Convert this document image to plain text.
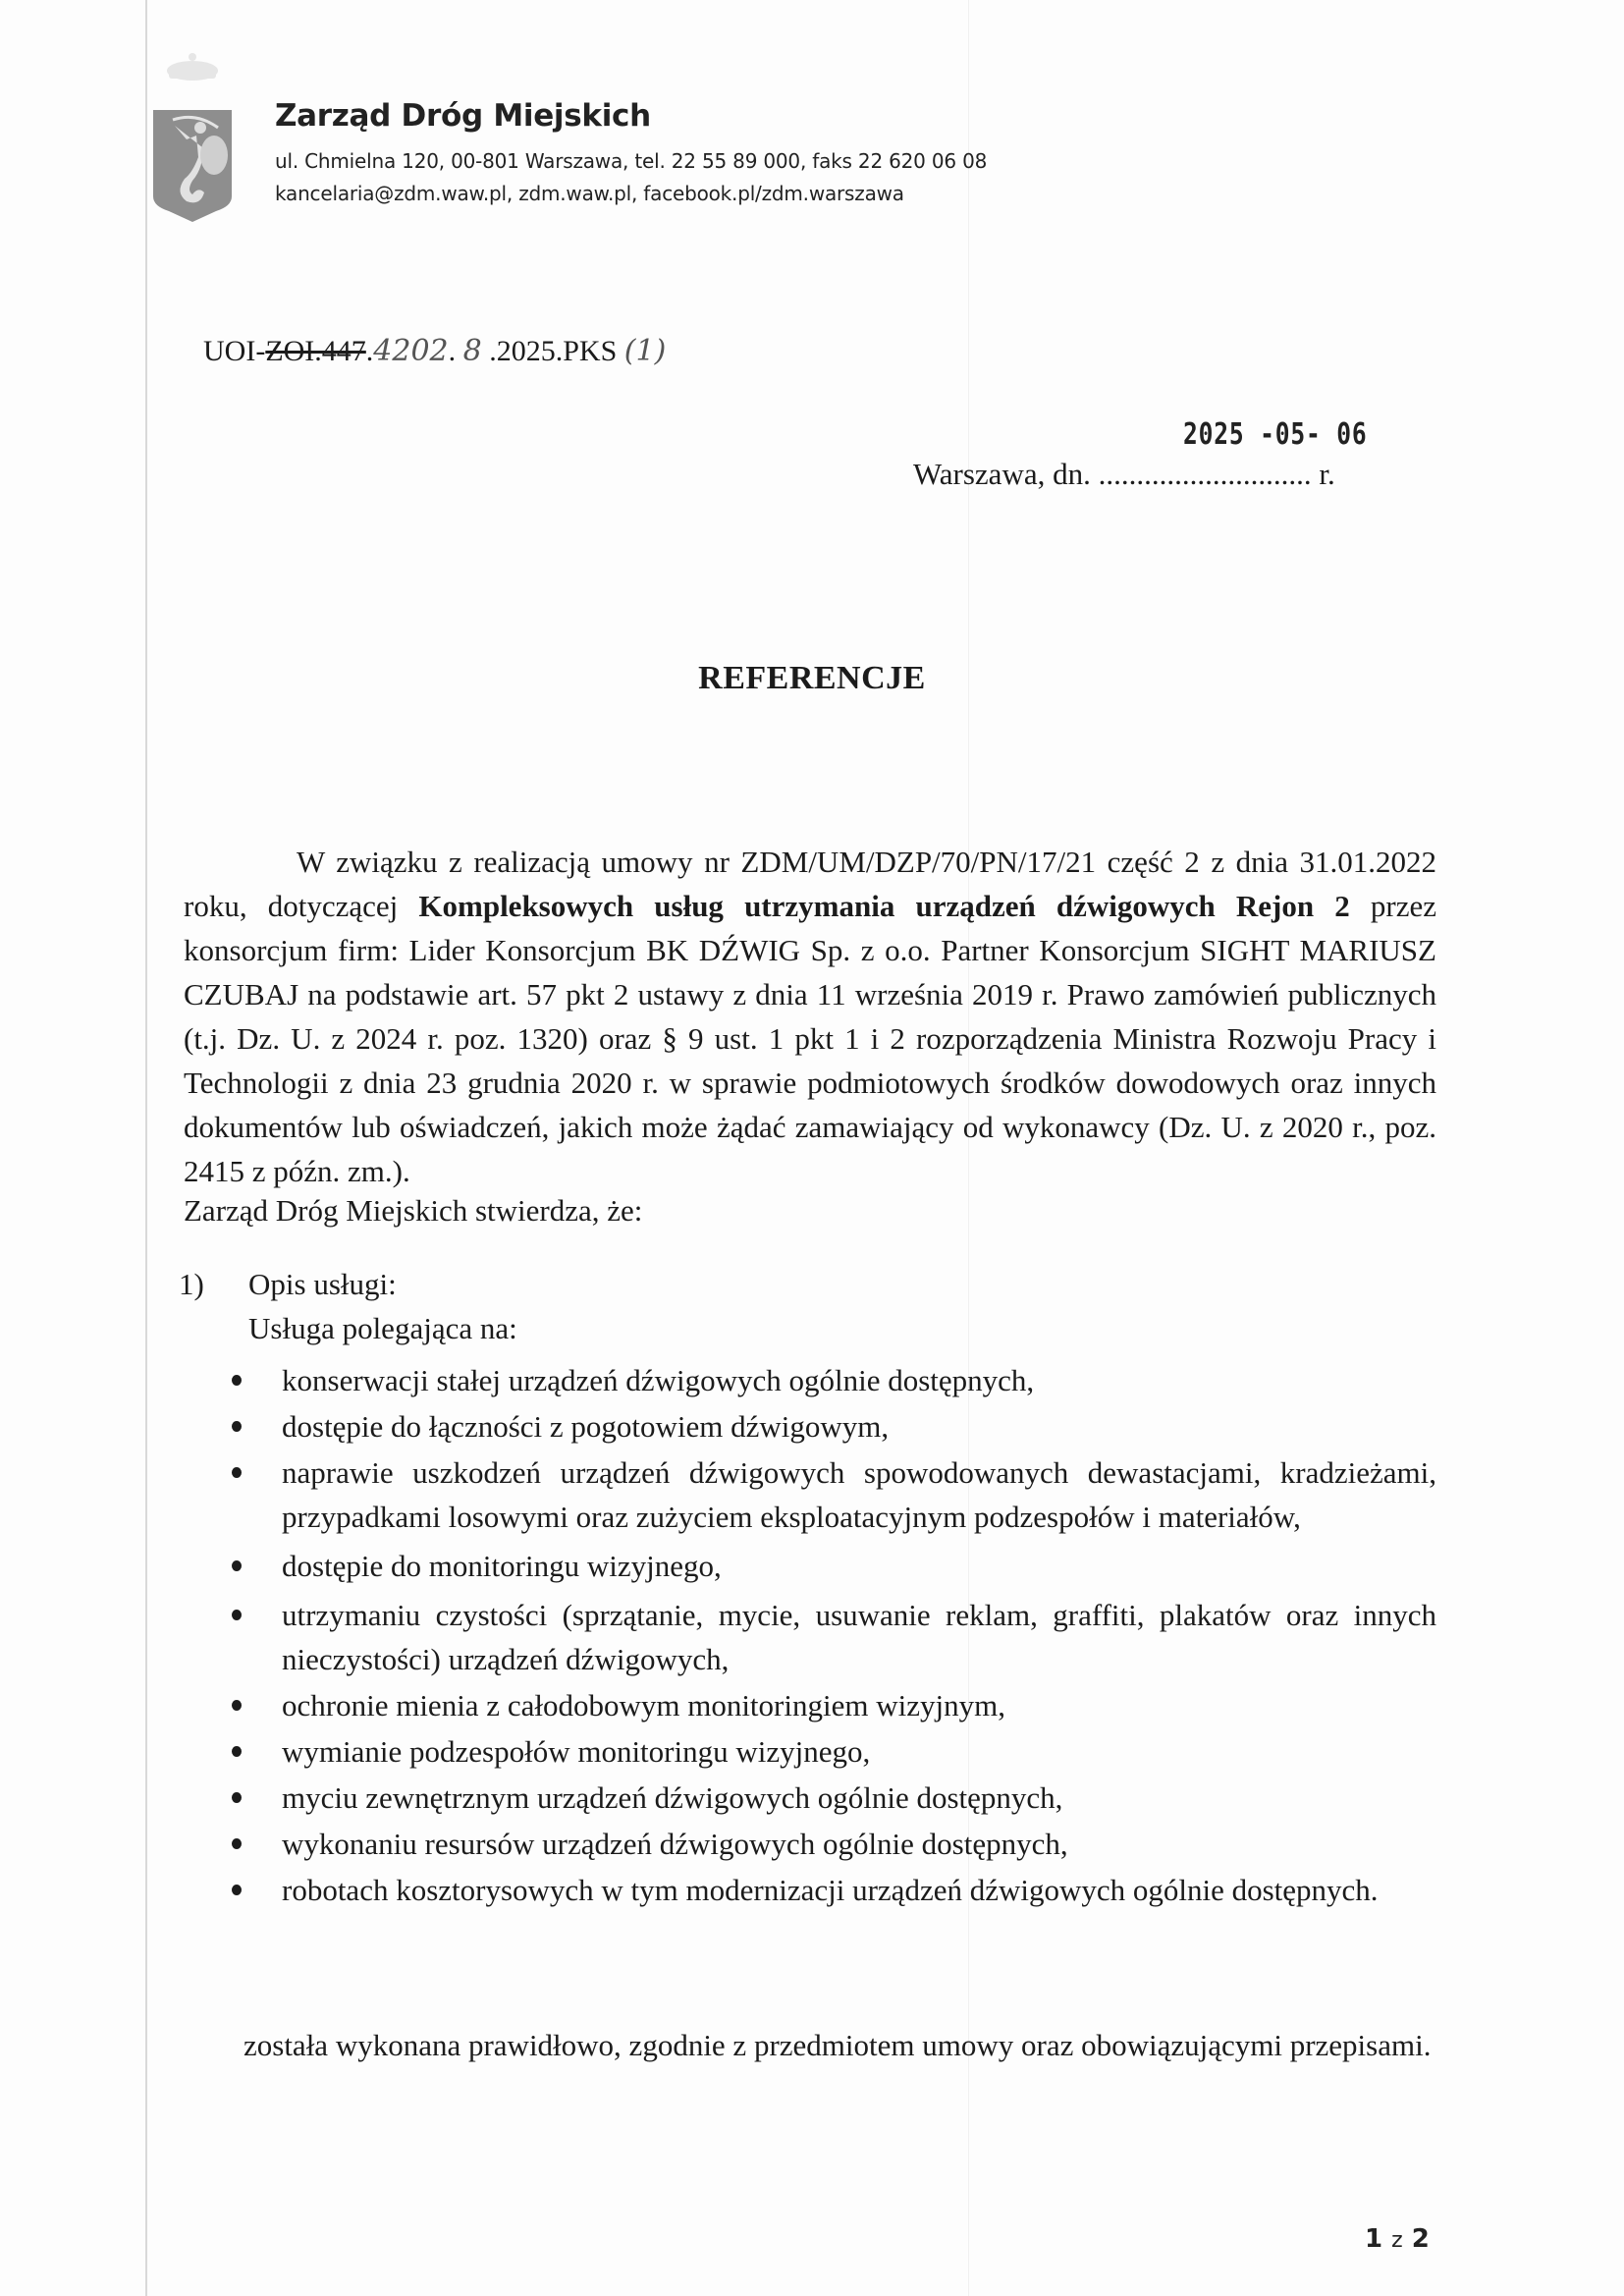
Zarząd Dróg Miejskich
ul. Chmielna 120, 00-801 Warszawa, tel. 22 55 89 000, faks 22 620 06 08
kancelaria@zdm.waw.pl, zdm.waw.pl, facebook.pl/zdm.warszawa
UOI-ZOI.447.4202. 8 .2025.PKS (1)
2025 -05- 06
Warszawa, dn. ............................ r.
REFERENCJE
W związku z realizacją umowy nr ZDM/UM/DZP/70/PN/17/21 część 2 z dnia 31.01.2022 roku, dotyczącej Kompleksowych usług utrzymania urządzeń dźwigowych Rejon 2 przez konsorcjum firm: Lider Konsorcjum BK DŹWIG Sp. z o.o. Partner Konsorcjum SIGHT MARIUSZ CZUBAJ na podstawie art. 57 pkt 2 ustawy z dnia 11 września 2019 r. Prawo zamówień publicznych (t.j. Dz. U. z 2024 r. poz. 1320) oraz § 9 ust. 1 pkt 1 i 2 rozporządzenia Ministra Rozwoju Pracy i Technologii z dnia 23 grudnia 2020 r. w sprawie podmiotowych środków dowodowych oraz innych dokumentów lub oświadczeń, jakich może żądać zamawiający od wykonawcy (Dz. U. z 2020 r., poz. 2415 z późn. zm.).
Zarząd Dróg Miejskich stwierdza, że:
1) Opis usługi:
Usługa polegająca na:
konserwacji stałej urządzeń dźwigowych ogólnie dostępnych,
dostępie do łączności z pogotowiem dźwigowym,
naprawie uszkodzeń urządzeń dźwigowych spowodowanych dewastacjami, kradzieżami, przypadkami losowymi oraz zużyciem eksploatacyjnym podzespołów i materiałów,
dostępie do monitoringu wizyjnego,
utrzymaniu czystości (sprzątanie, mycie, usuwanie reklam, graffiti, plakatów oraz innych nieczystości) urządzeń dźwigowych,
ochronie mienia z całodobowym monitoringiem wizyjnym,
wymianie podzespołów monitoringu wizyjnego,
myciu zewnętrznym urządzeń dźwigowych ogólnie dostępnych,
wykonaniu resursów urządzeń dźwigowych ogólnie dostępnych,
robotach kosztorysowych w tym modernizacji urządzeń dźwigowych ogólnie dostępnych.
została wykonana prawidłowo, zgodnie z przedmiotem umowy oraz obowiązującymi przepisami.
1 z 2
